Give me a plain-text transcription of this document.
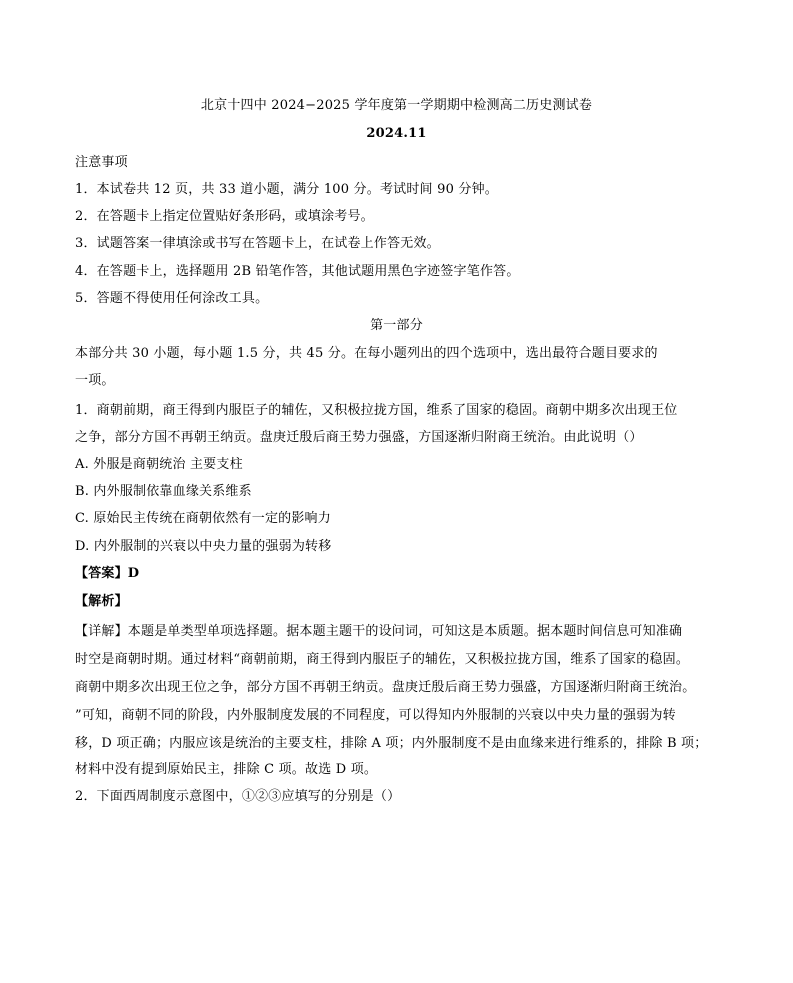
北京十四中 2024−2025 学年度第一学期期中检测高二历史测试卷
2024.11
注意事项
1．本试卷共 12 页，共 33 道小题，满分 100 分。考试时间 90 分钟。
2．在答题卡上指定位置贴好条形码，或填涂考号。
3．试题答案一律填涂或书写在答题卡上，在试卷上作答无效。
4．在答题卡上，选择题用 2B 铅笔作答，其他试题用黑色字迹签字笔作答。
5．答题不得使用任何涂改工具。
第一部分
本部分共 30 小题，每小题 1.5 分，共 45 分。在每小题列出的四个选项中，选出最符合题目要求的
一项。
1．商朝前期，商王得到内服臣子的辅佐，又积极拉拢方国，维系了国家的稳固。商朝中期多次出现王位
之争，部分方国不再朝王纳贡。盘庚迁殷后商王势力强盛，方国逐渐归附商王统治。由此说明（）
A. 外服是商朝统治 主要支柱
B. 内外服制依靠血缘关系维系
C. 原始民主传统在商朝依然有一定的影响力
D. 内外服制的兴衰以中央力量的强弱为转移
【答案】D
【解析】
【详解】本题是单类型单项选择题。据本题主题干的设问词，可知这是本质题。据本题时间信息可知准确
时空是商朝时期。通过材料“商朝前期，商王得到内服臣子的辅佐，又积极拉拢方国，维系了国家的稳固。
商朝中期多次出现王位之争，部分方国不再朝王纳贡。盘庚迁殷后商王势力强盛，方国逐渐归附商王统治。
”可知，商朝不同的阶段，内外服制度发展的不同程度，可以得知内外服制的兴衰以中央力量的强弱为转
移，D 项正确；内服应该是统治的主要支柱，排除 A 项；内外服制度不是由血缘来进行维系的，排除 B 项；
材料中没有提到原始民主，排除 C 项。故选 D 项。
2．下面西周制度示意图中，①②③应填写的分别是（）
